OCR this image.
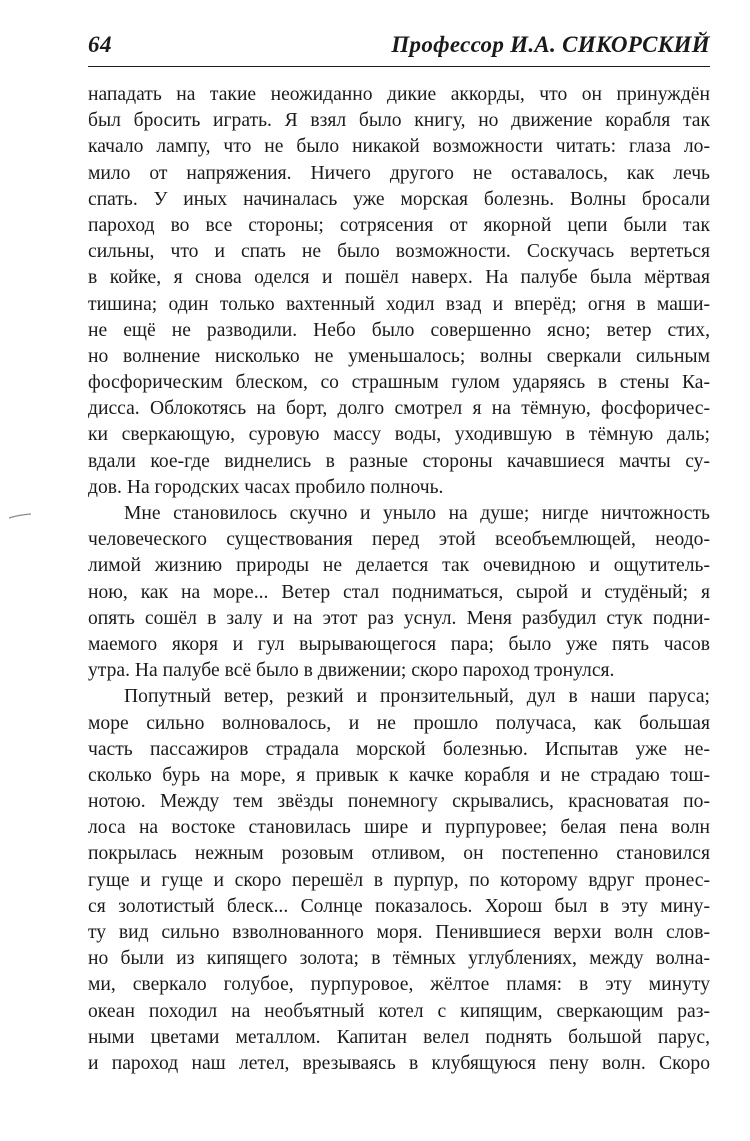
64	Профессор И.А. СИКОРСКИЙ
нападать на такие неожиданно дикие аккорды, что он принуждён
был бросить играть. Я взял было книгу, но движение корабля так
качало лампу, что не было никакой возможности читать: глаза ло-
мило от напряжения. Ничего другого не оставалось, как лечь
спать. У иных начиналась уже морская болезнь. Волны бросали
пароход во все стороны; сотрясения от якорной цепи были так
сильны, что и спать не было возможности. Соскучась вертеться
в койке, я снова оделся и пошёл наверх. На палубе была мёртвая
тишина; один только вахтенный ходил взад и вперёд; огня в маши-
не ещё не разводили. Небо было совершенно ясно; ветер стих,
но волнение нисколько не уменьшалось; волны сверкали сильным
фосфорическим блеском, со страшным гулом ударяясь в стены Ка-
дисса. Облокотясь на борт, долго смотрел я на тёмную, фосфоричес-
ки сверкающую, суровую массу воды, уходившую в тёмную даль;
вдали кое-где виднелись в разные стороны качавшиеся мачты су-
дов. На городских часах пробило полночь.
Мне становилось скучно и уныло на душе; нигде ничтожность
человеческого существования перед этой всеобъемлющей, неодо-
лимой жизнию природы не делается так очевидною и ощутитель-
ною, как на море... Ветер стал подниматься, сырой и студёный; я
опять сошёл в залу и на этот раз уснул. Меня разбудил стук подни-
маемого якоря и гул вырывающегося пара; было уже пять часов
утра. На палубе всё было в движении; скоро пароход тронулся.
Попутный ветер, резкий и пронзительный, дул в наши паруса;
море сильно волновалось, и не прошло получаса, как большая
часть пассажиров страдала морской болезнью. Испытав уже не-
сколько бурь на море, я привык к качке корабля и не страдаю тош-
нотою. Между тем звёзды понемногу скрывались, красноватая по-
лоса на востоке становилась шире и пурпуровее; белая пена волн
покрылась нежным розовым отливом, он постепенно становился
гуще и гуще и скоро перешёл в пурпур, по которому вдруг пронес-
ся золотистый блеск... Солнце показалось. Хорош был в эту мину-
ту вид сильно взволнованного моря. Пенившиеся верхи волн слов-
но были из кипящего золота; в тёмных углублениях, между волна-
ми, сверкало голубое, пурпуровое, жёлтое пламя: в эту минуту
океан походил на необъятный котел с кипящим, сверкающим раз-
ными цветами металлом. Капитан велел поднять большой парус,
и пароход наш летел, врезываясь в клубящуюся пену волн. Скоро
